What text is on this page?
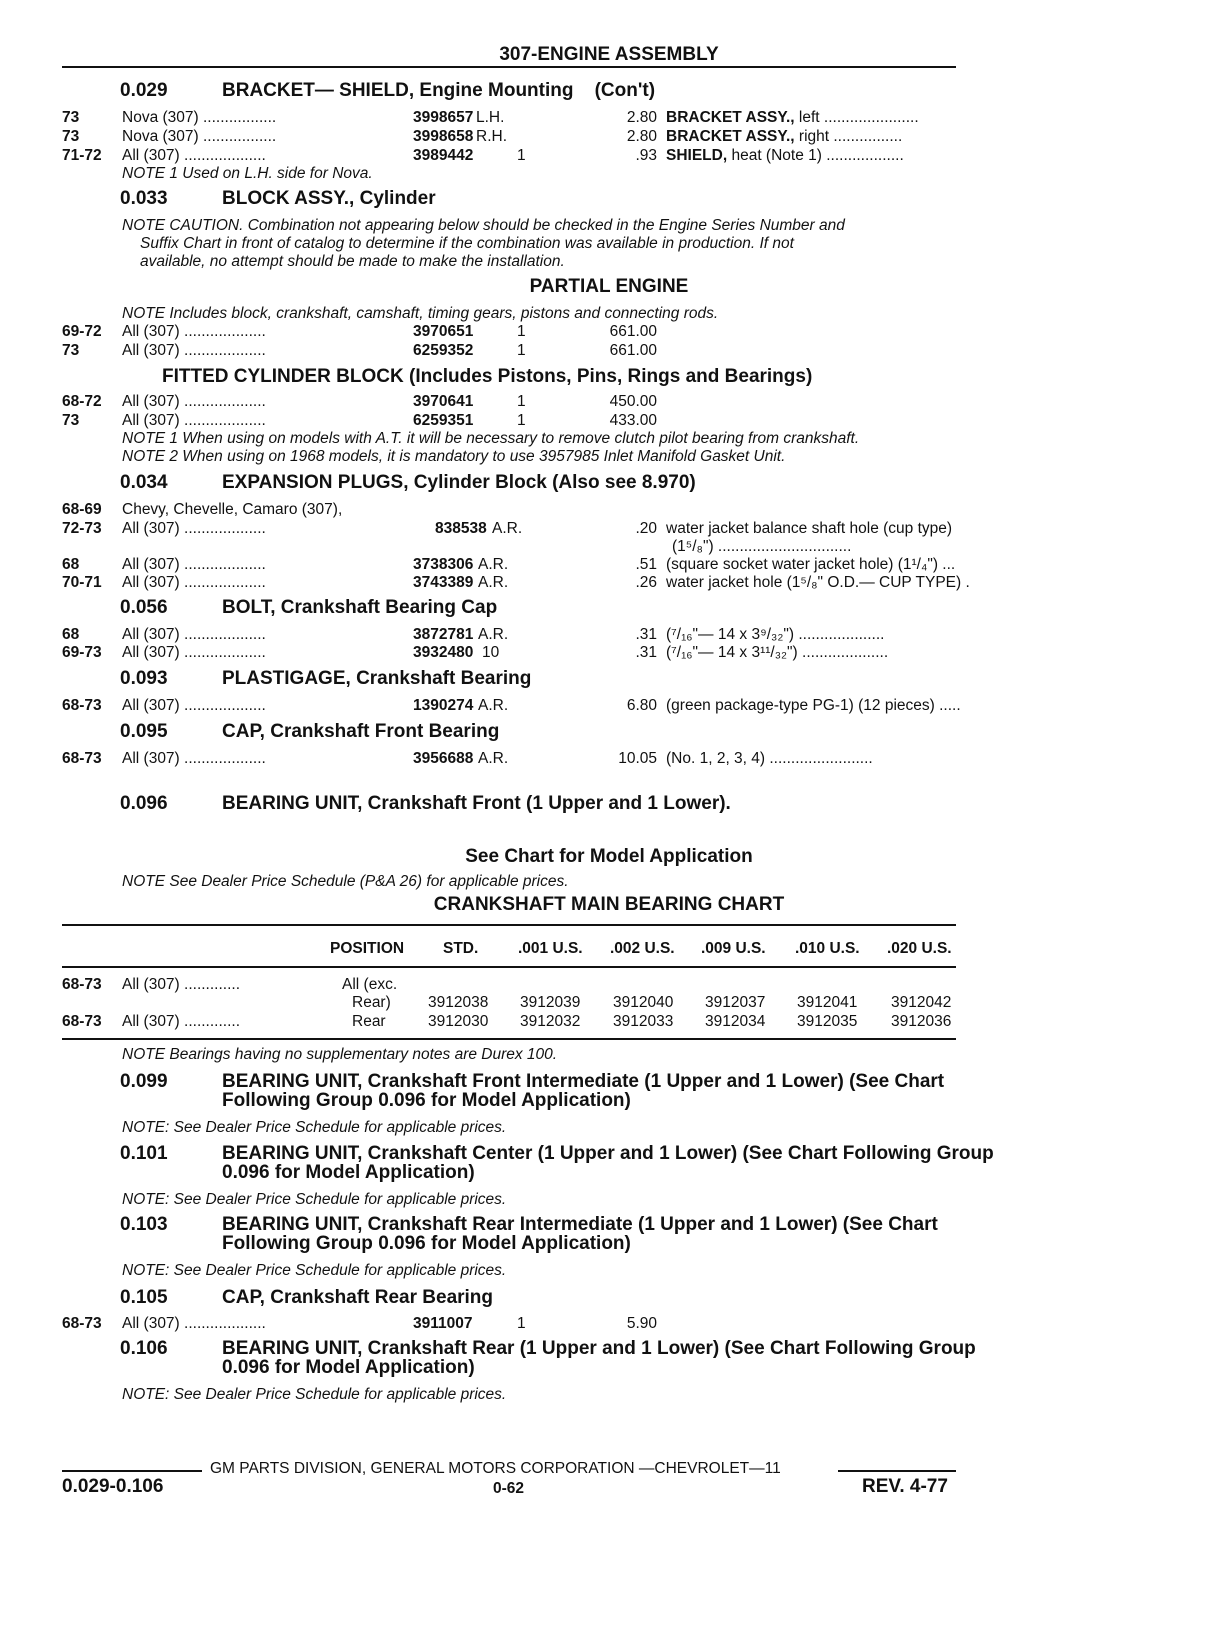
307-ENGINE ASSEMBLY
0.029	BRACKET— SHIELD, Engine Mounting    (Con't)
73	Nova (307) .................	3998657 L.H.	2.80 BRACKET ASSY., left ......................
73	Nova (307) .................	3998658 R.H.	2.80 BRACKET ASSY., right ................
71-72 All (307) ...................	3989442	1	.93 SHIELD, heat (Note 1) ..................
NOTE 1 Used on L.H. side for Nova.
0.033	BLOCK ASSY., Cylinder
NOTE CAUTION. Combination not appearing below should be checked in the Engine Series Number and
Suffix Chart in front of catalog to determine if the combination was available in production. If not
available, no attempt should be made to make the installation.
PARTIAL ENGINE
NOTE Includes block, crankshaft, camshaft, timing gears, pistons and connecting rods.
69-72 All (307) ...................	3970651	1	661.00
73	All (307) ...................	6259352	1	661.00
FITTED CYLINDER BLOCK (Includes Pistons, Pins, Rings and Bearings)
68-72 All (307) ...................	3970641	1	450.00
73	All (307) ...................	6259351	1	433.00
NOTE 1 When using on models with A.T. it will be necessary to remove clutch pilot bearing from crankshaft.
NOTE 2 When using on 1968 models, it is mandatory to use 3957985 Inlet Manifold Gasket Unit.
0.034	EXPANSION PLUGS, Cylinder Block (Also see 8.970)
68-69 Chevy, Chevelle, Camaro (307),
72-73 All (307) ...................	838538 A.R.	.20 water jacket balance shaft hole (cup type)
(1⁵/₈") ...............................
68	All (307) ...................	3738306 A.R.	.51 (square socket water jacket hole) (1¹/₄") ...
70-71 All (307) ...................	3743389 A.R.	.26 water jacket hole (1⁵/₈" O.D.— CUP TYPE) .
0.056	BOLT, Crankshaft Bearing Cap
68	All (307) ...................	3872781 A.R.	.31 (⁷/₁₆"— 14 x 3⁹/₃₂") ....................
69-73 All (307) ...................	3932480 10	.31 (⁷/₁₆"— 14 x 3¹¹/₃₂") ....................
0.093	PLASTIGAGE, Crankshaft Bearing
68-73 All (307) ...................	1390274 A.R.	6.80 (green package-type PG-1) (12 pieces) .....
0.095	CAP, Crankshaft Front Bearing
68-73 All (307) ...................	3956688 A.R.	10.05 (No. 1, 2, 3, 4) ........................
0.096	BEARING UNIT, Crankshaft Front (1 Upper and 1 Lower).
See Chart for Model Application
NOTE See Dealer Price Schedule (P&A 26) for applicable prices.
CRANKSHAFT MAIN BEARING CHART
POSITION	STD.	.001 U.S. .002 U.S. .009 U.S. .010 U.S. .020 U.S.
68-73 All (307) .............	All (exc.
Rear) 3912038 3912039 3912040 3912037 3912041 3912042
68-73 All (307) .............	Rear	3912030 3912032 3912033 3912034 3912035 3912036
NOTE Bearings having no supplementary notes are Durex 100.
0.099	BEARING UNIT, Crankshaft Front Intermediate (1 Upper and 1 Lower) (See Chart Following Group 0.096 for Model Application)
NOTE: See Dealer Price Schedule for applicable prices.
0.101	BEARING UNIT, Crankshaft Center (1 Upper and 1 Lower) (See Chart Following Group 0.096 for Model Application)
NOTE: See Dealer Price Schedule for applicable prices.
0.103	BEARING UNIT, Crankshaft Rear Intermediate (1 Upper and 1 Lower) (See Chart Following Group 0.096 for Model Application)
NOTE: See Dealer Price Schedule for applicable prices.
0.105	CAP, Crankshaft Rear Bearing
68-73 All (307) ...................	3911007	1	5.90
0.106	BEARING UNIT, Crankshaft Rear (1 Upper and 1 Lower) (See Chart Following Group 0.096 for Model Application)
NOTE: See Dealer Price Schedule for applicable prices.
GM PARTS DIVISION, GENERAL MOTORS CORPORATION —CHEVROLET—11
0.029-0.106	0-62	REV. 4-77
